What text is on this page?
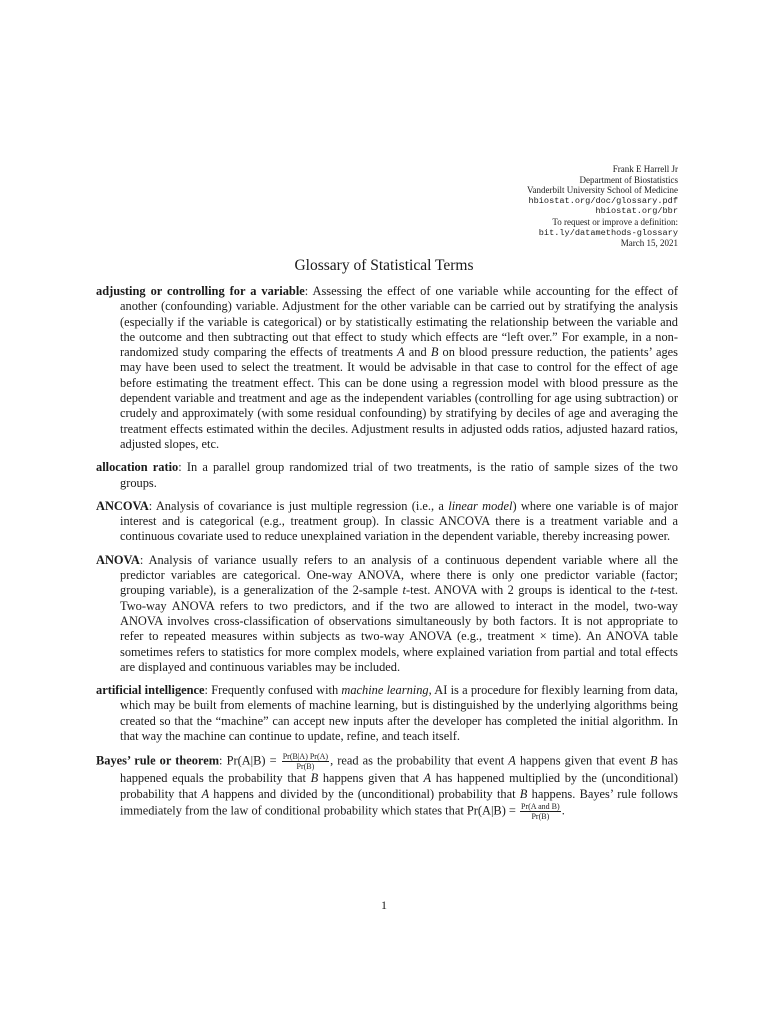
Frank E Harrell Jr
Department of Biostatistics
Vanderbilt University School of Medicine
hbiostat.org/doc/glossary.pdf
hbiostat.org/bbr
To request or improve a definition:
bit.ly/datamethods-glossary
March 15, 2021
Glossary of Statistical Terms

adjusting or controlling for a variable: Assessing the effect of one variable while accounting for the effect of another (confounding) variable. Adjustment for the other variable can be carried out by stratifying the analysis (especially if the variable is categorical) or by statistically estimating the relationship between the variable and the outcome and then subtracting out that effect to study which effects are “left over.” For example, in a non-randomized study comparing the effects of treatments A and B on blood pressure reduction, the patients’ ages may have been used to select the treatment. It would be advisable in that case to control for the effect of age before estimating the treatment effect. This can be done using a regression model with blood pressure as the dependent variable and treatment and age as the independent variables (controlling for age using subtraction) or crudely and approximately (with some residual confounding) by stratifying by deciles of age and averaging the treatment effects estimated within the deciles. Adjustment results in adjusted odds ratios, adjusted hazard ratios, adjusted slopes, etc.

allocation ratio: In a parallel group randomized trial of two treatments, is the ratio of sample sizes of the two groups.

ANCOVA: Analysis of covariance is just multiple regression (i.e., a linear model) where one variable is of major interest and is categorical (e.g., treatment group). In classic ANCOVA there is a treatment variable and a continuous covariate used to reduce unexplained variation in the dependent variable, thereby increasing power.

ANOVA: Analysis of variance usually refers to an analysis of a continuous dependent variable where all the predictor variables are categorical. One-way ANOVA, where there is only one predictor variable (factor; grouping variable), is a generalization of the 2-sample t-test. ANOVA with 2 groups is identical to the t-test. Two-way ANOVA refers to two predictors, and if the two are allowed to interact in the model, two-way ANOVA involves cross-classification of observations simultaneously by both factors. It is not appropriate to refer to repeated measures within subjects as two-way ANOVA (e.g., treatment × time). An ANOVA table sometimes refers to statistics for more complex models, where explained variation from partial and total effects are displayed and continuous variables may be included.

artificial intelligence: Frequently confused with machine learning, AI is a procedure for flexibly learning from data, which may be built from elements of machine learning, but is distinguished by the underlying algorithms being created so that the “machine” can accept new inputs after the developer has completed the initial algorithm. In that way the machine can continue to update, refine, and teach itself.

Bayes’ rule or theorem: $Pr(A|B) = \frac{Pr(B|A) Pr(A)}{Pr(B)}$ , read as the probability that event A happens given that event B has happened equals the probability that B happens given that A has happened multiplied by the (unconditional) probability that A happens and divided by the (unconditional) probability that B happens. Bayes’ rule follows immediately from the law of conditional probability which states that $Pr(A|B) = \frac{\text{Pr(A and B)}}{Pr(B)}$ .

1
